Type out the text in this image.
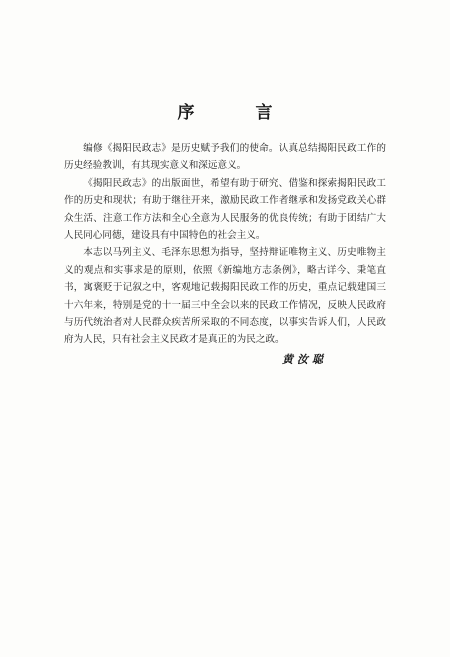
序　言

编修《揭阳民政志》是历史赋予我们的使命。认真总结揭阳民政工作的历史经验教训，有其现实意义和深远意义。

《揭阳民政志》的出版面世，希望有助于研究、借鉴和探索揭阳民政工作的历史和现状；有助于继往开来，激励民政工作者继承和发扬党政关心群众生活、注意工作方法和全心全意为人民服务的优良传统；有助于团结广大人民同心同德，建设具有中国特色的社会主义。

本志以马列主义、毛泽东思想为指导，坚持辩证唯物主义、历史唯物主义的观点和实事求是的原则，依照《新编地方志条例》，略古详今、秉笔直书，寓褒贬于记叙之中，客观地记载揭阳民政工作的历史，重点记载建国三十六年来，特别是党的十一届三中全会以来的民政工作情况，反映人民政府与历代统治者对人民群众疾苦所采取的不同态度，以事实告诉人们，人民政府为人民，只有社会主义民政才是真正的为民之政。

黄汝聪
